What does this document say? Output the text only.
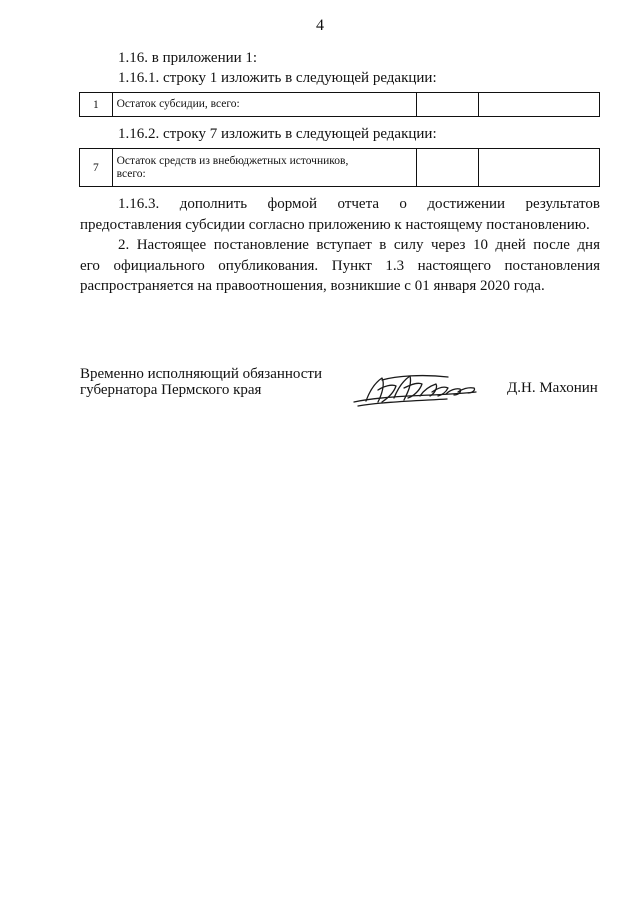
4
1.16. в приложении 1:
1.16.1. строку 1 изложить в следующей редакции:
1	Остаток субсидии, всего:		
1.16.2. строку 7 изложить в следующей редакции:
7	Остаток средств из внебюджетных источников,
всего:		
1.16.3. дополнить формой отчета о достижении результатов
предоставления субсидии согласно приложению к настоящему постановлению.
2. Настоящее постановление вступает в силу через 10 дней после дня
его официального опубликования. Пункт 1.3 настоящего постановления
распространяется на правоотношения, возникшие с 01 января 2020 года.
Временно исполняющий обязанности
губернатора Пермского края	Д.Н. Махонин
